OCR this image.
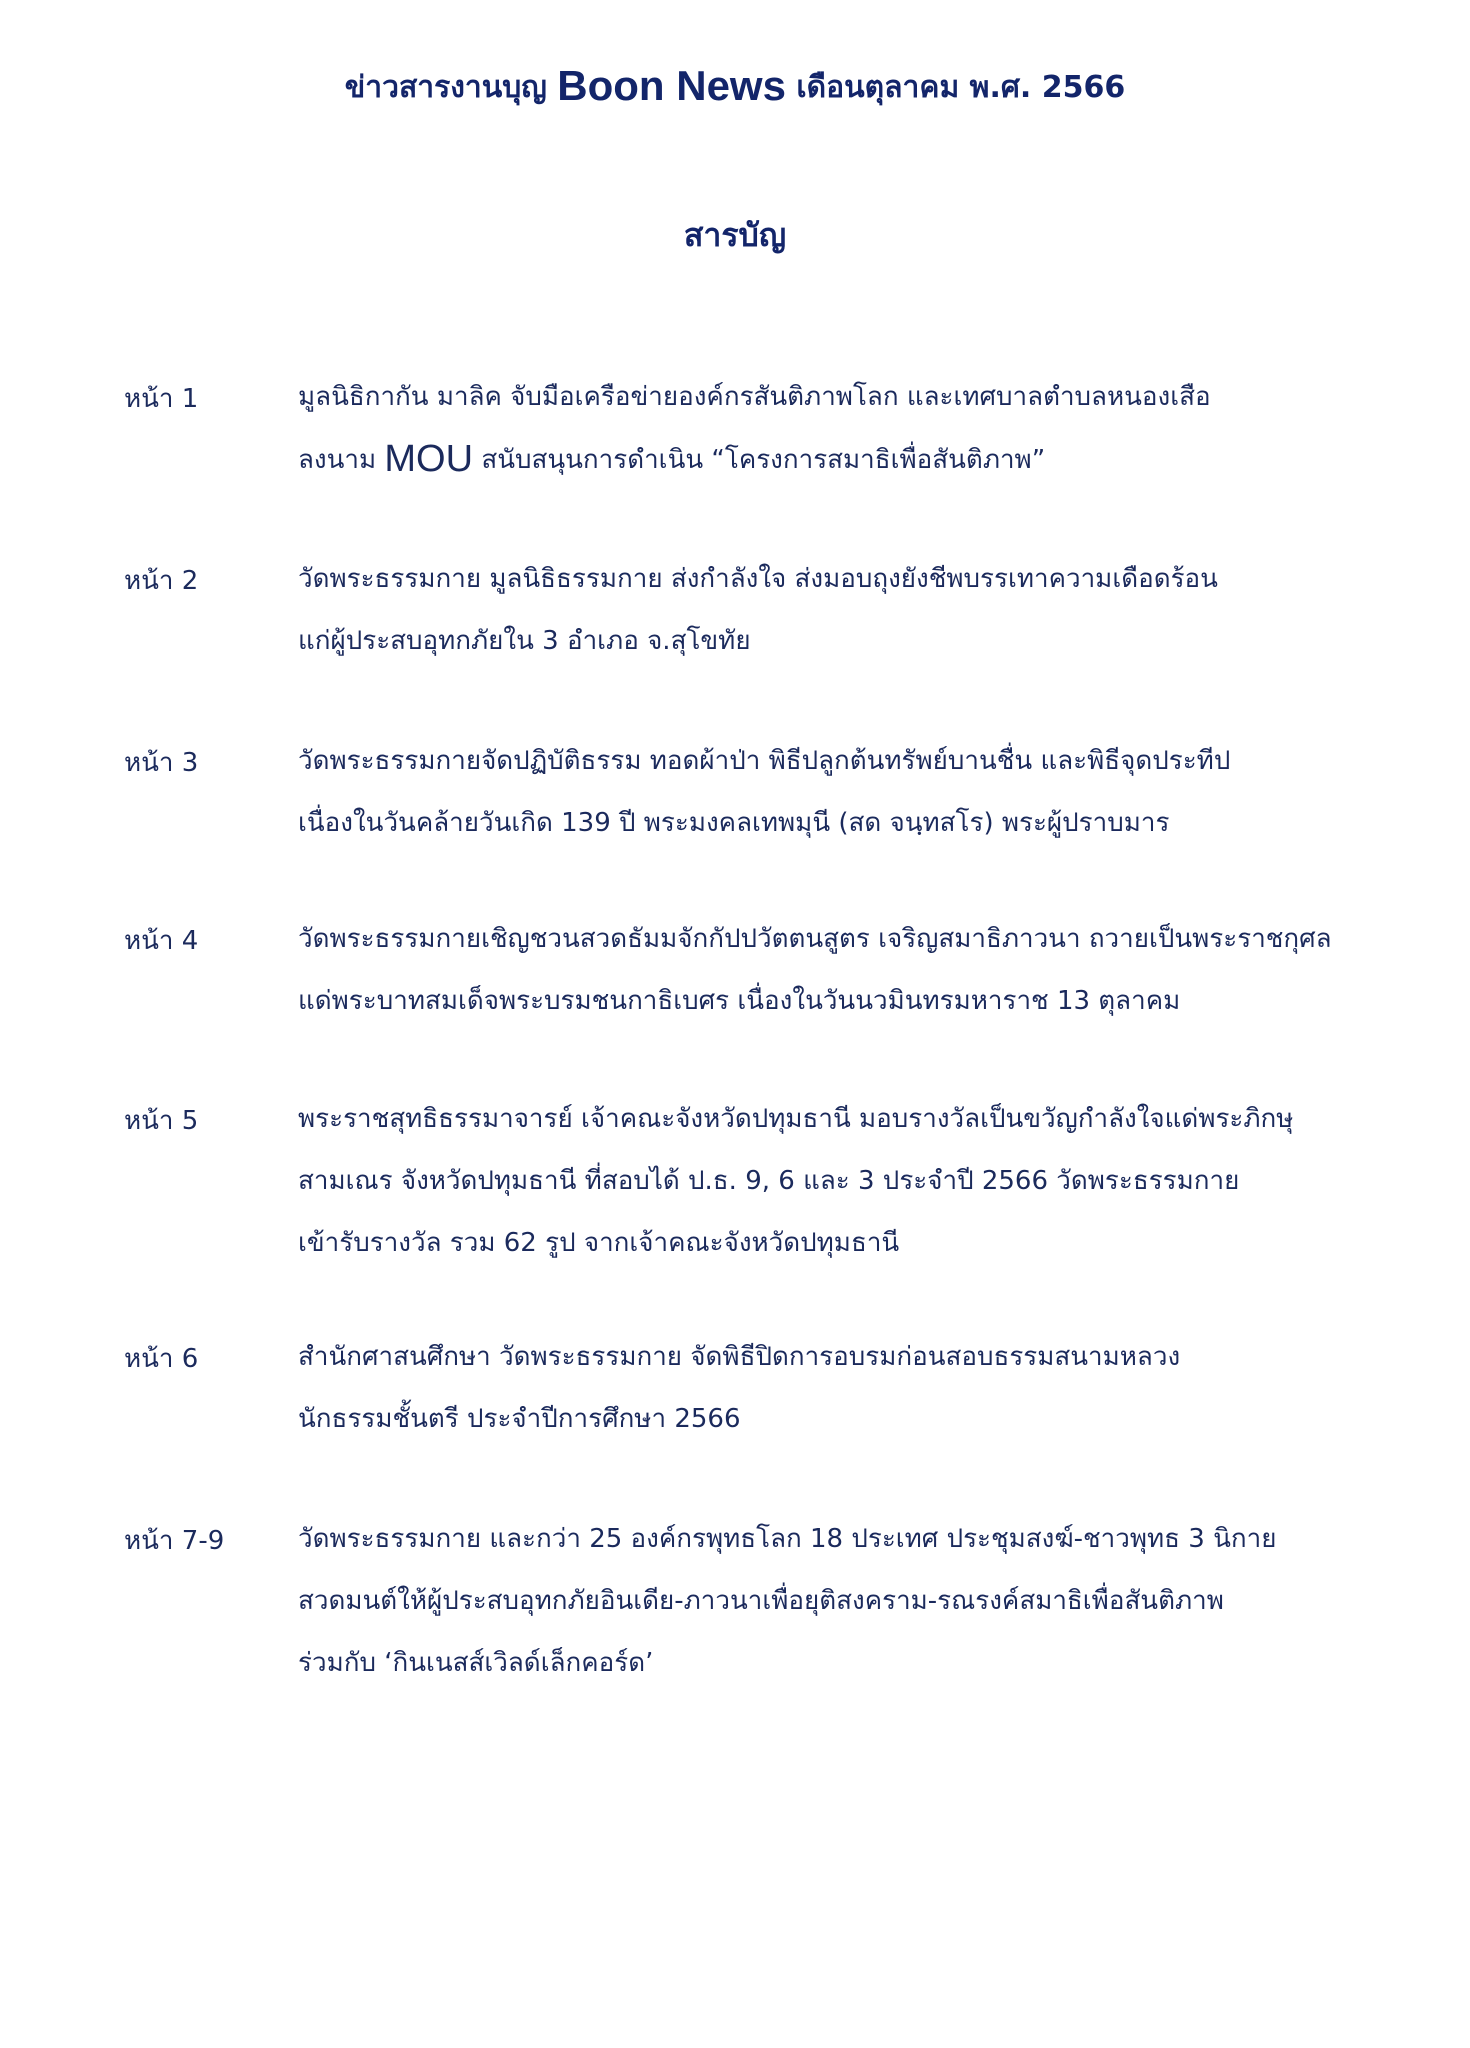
ข่าวสารงานบุญ Boon News เดือนตุลาคม พ.ศ. 2566
สารบัญ
หน้า 1	มูลนิธิกากัน มาลิค จับมือเครือข่ายองค์กรสันติภาพโลก และเทศบาลตำบลหนองเสือ
ลงนาม MOU สนับสนุนการดำเนิน “โครงการสมาธิเพื่อสันติภาพ”
หน้า 2	วัดพระธรรมกาย มูลนิธิธรรมกาย ส่งกำลังใจ ส่งมอบถุงยังชีพบรรเทาความเดือดร้อน
แก่ผู้ประสบอุทกภัยใน 3 อำเภอ จ.สุโขทัย
หน้า 3	วัดพระธรรมกายจัดปฏิบัติธรรม ทอดผ้าป่า พิธีปลูกต้นทรัพย์บานชื่น และพิธีจุดประทีป
เนื่องในวันคล้ายวันเกิด 139 ปี พระมงคลเทพมุนี (สด จนฺทสโร) พระผู้ปราบมาร
หน้า 4	วัดพระธรรมกายเชิญชวนสวดธัมมจักกัปปวัตตนสูตร เจริญสมาธิภาวนา ถวายเป็นพระราชกุศล
แด่พระบาทสมเด็จพระบรมชนกาธิเบศร เนื่องในวันนวมินทรมหาราช 13 ตุลาคม
หน้า 5	พระราชสุทธิธรรมาจารย์ เจ้าคณะจังหวัดปทุมธานี มอบรางวัลเป็นขวัญกำลังใจแด่พระภิกษุ
สามเณร จังหวัดปทุมธานี ที่สอบได้ ป.ธ. 9, 6 และ 3 ประจำปี 2566 วัดพระธรรมกาย
เข้ารับรางวัล รวม 62 รูป จากเจ้าคณะจังหวัดปทุมธานี
หน้า 6	สำนักศาสนศึกษา วัดพระธรรมกาย จัดพิธีปิดการอบรมก่อนสอบธรรมสนามหลวง
นักธรรมชั้นตรี ประจำปีการศึกษา 2566
หน้า 7-9	วัดพระธรรมกาย และกว่า 25 องค์กรพุทธโลก 18 ประเทศ ประชุมสงฆ์-ชาวพุทธ 3 นิกาย
สวดมนต์ให้ผู้ประสบอุทกภัยอินเดีย-ภาวนาเพื่อยุติสงคราม-รณรงค์สมาธิเพื่อสันติภาพ
ร่วมกับ ‘กินเนสส์เวิลด์เล็กคอร์ด’
